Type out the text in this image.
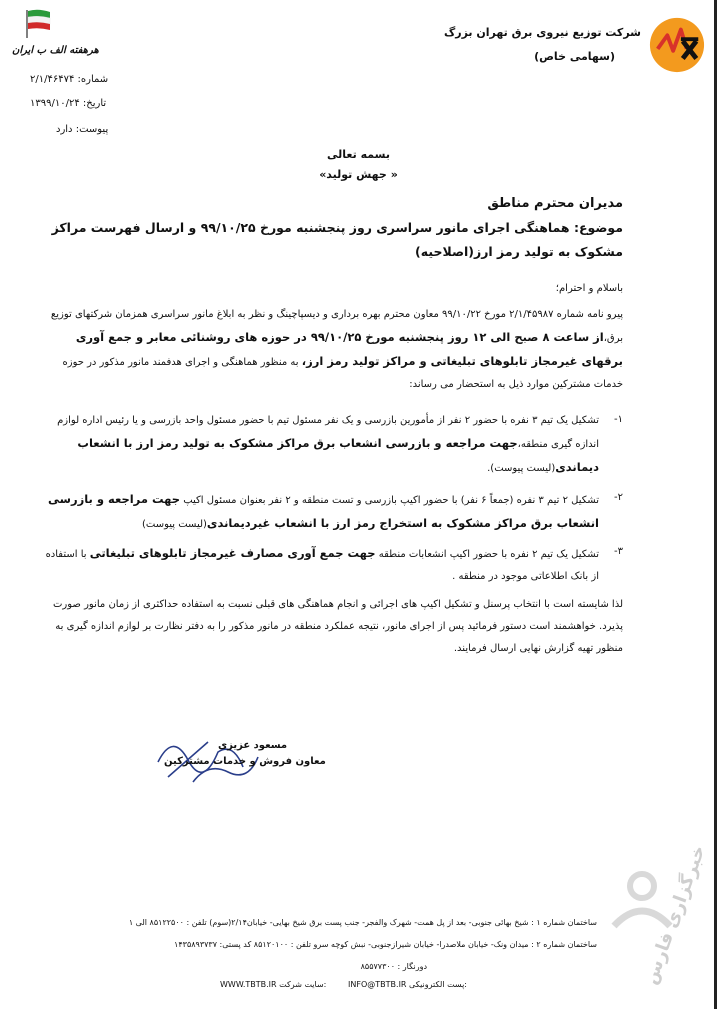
شرکت توزیع نیروی برق تهران بزرگ
(سهامی خاص)
هرهفته الف ب ایران
شماره: ۲/۱/۴۶۴۷۴
تاریخ: ۱۳۹۹/۱۰/۲۴
پیوست: دارد
بسمه تعالی
« جهش تولید»
مدیران محترم مناطق
موضوع: هماهنگی اجرای مانور سراسری روز پنجشنبه مورخ ۹۹/۱۰/۲۵ و ارسال فهرست مراکز مشکوک به تولید رمز ارز(اصلاحیه)
باسلام و احترام؛
پیرو نامه شماره ۲/۱/۴۵۹۸۷ مورخ ۹۹/۱۰/۲۲ معاون محترم بهره برداری و دیسپاچینگ و نظر به ابلاغ مانور سراسری همزمان شرکتهای توزیع برق،از ساعت ۸ صبح الی ۱۲ روز پنجشنبه مورخ ۹۹/۱۰/۲۵ در حوزه های روشنائی معابر و جمع آوری برقهای غیرمجاز تابلوهای تبلیغاتی و مراکز تولید رمز ارز، به منظور هماهنگی و اجرای هدفمند مانور مذکور در حوزه خدمات مشترکین موارد ذیل به استحضار می رساند:
۱-
تشکیل یک تیم ۳ نفره با حضور ۲ نفر از مأمورین بازرسی و یک نفر مسئول تیم با حضور مسئول واحد بازرسی و یا رئیس اداره لوازم اندازه گیری منطقه،جهت مراجعه و بازرسی انشعاب برق مراکز مشکوک به تولید رمز ارز با انشعاب دیماندی(لیست پیوست).
۲-
تشکیل ۲ تیم ۳ نفره (جمعاً ۶ نفر) با حضور اکیپ بازرسی و تست منطقه و ۲ نفر بعنوان مسئول اکیپ جهت مراجعه و بازرسی انشعاب برق مراکز مشکوک به استخراج رمز ارز با انشعاب غیردیماندی(لیست پیوست)
۳-
تشکیل یک تیم ۲ نفره با حضور اکیپ انشعابات منطقه جهت جمع آوری مصارف غیرمجاز تابلوهای تبلیغاتی با استفاده از بانک اطلاعاتی موجود در منطقه .
لذا شایسته است با انتخاب پرسنل و تشکیل اکیپ های اجرائی و انجام هماهنگی های قبلی نسبت به استفاده حداکثری از زمان مانور صورت پذیرد. خواهشمند است دستور فرمائید پس از اجرای مانور، نتیجه عملکرد منطقه در مانور مذکور را به دفتر نظارت بر لوازم اندازه گیری به منظور تهیه گزارش نهایی ارسال فرمایند.
مسعود عزیزی
معاون فروش و خدمات مشترکین
خبرگزاری فارس
ساختمان شماره ۱ : شیخ بهائی جنوبی- بعد از پل همت- شهرک والفجر- جنب پست برق شیخ بهایی- خیابان۲/۱۴(سوم) تلفن : ۸۵۱۲۲۵۰۰ الی ۱
ساختمان شماره ۲ : میدان ونک- خیابان ملاصدرا- خیابان شیرازجنوبی- نبش کوچه سرو تلفن : ۸۵۱۲۰۱۰۰ کد پستی: ۱۴۳۵۸۹۳۷۳۷
دورنگار : ۸۵۵۷۷۳۰۰
INFO@TBTB.IR پست الکترونیکی:
WWW.TBTB.IR سایت شرکت:
